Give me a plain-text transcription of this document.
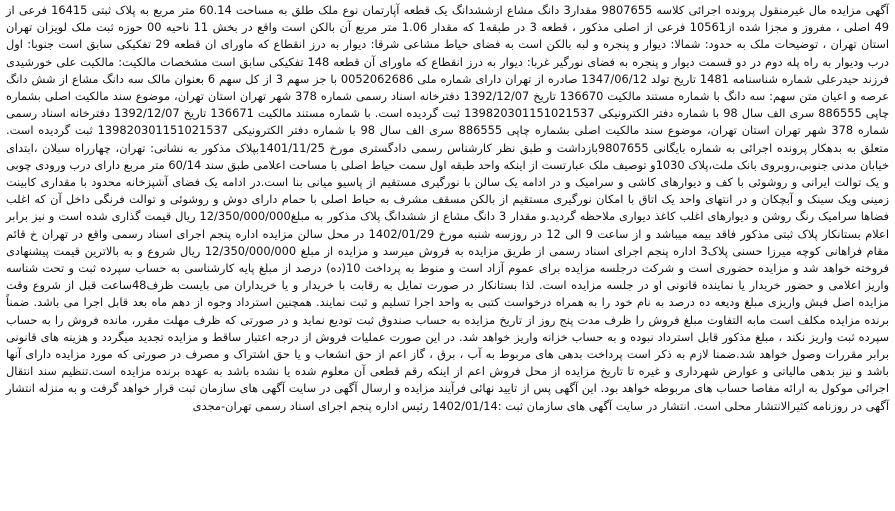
آگهی مزایده مال غیرمنقول پرونده اجرائی کلاسه 9807655 مقدار3 دانگ مشاع ازششدانگ یک قطعه آپارتمان نوع ملک طلق به مساحت 60.14 متر مربع به پلاک ثبتی 16415 فرعی از 49 اصلی ، مفروز و مجزا شده از10561 فرعی از اصلی مذکور ، قطعه 3 در طبقه1 که مقدار 1.06 متر مربع آن بالکن است واقع در بخش 11 ناحیه 00 حوزه ثبت ملک لویزان تهران استان تهران ، توضیحات ملک به حدود: شمالا: دیوار و پنجره و لبه بالکن است به فضای حیاط مشاعی شرقا: دیوار به درز انقطاع که ماورای ان قطعه 29 تفکیکی سابق است جنوبا: اول درب ودیوار به راه پله دوم در دو قسمت دیوار و پنجره به فضای نورگیر غربا: دیوار به درز انقطاع که ماورای آن قطعه 148 تفکیکی سابق است مشخصات مالکیت: مالکیت علی خورشیدی فرزند حیدرعلی شماره شناسنامه 1481 تاریخ تولد 1347/06/12 صادره از تهران دارای شماره ملی 0052062686 با جز سهم 3 از کل سهم 6 بعنوان مالک سه دانگ مشاع از شش دانگ عرصه و اعیان متن سهم: سه دانگ با شماره مستند مالکیت 136670 تاریخ 1392/12/07 دفترخانه اسناد رسمی شماره 378 شهر تهران استان تهران، موضوع سند مالکیت اصلی بشماره چاپی 886555 سری الف سال 98 با شماره دفتر الکترونیکی 139820301151021537 ثبت گردیده است. با شماره مستند مالکیت 136671 تاریخ 1392/12/07 دفترخانه اسناد رسمی شماره 378 شهر تهران استان تهران، موضوع سند مالکیت اصلی بشماره چاپی 886555 سری الف سال 98 با شماره دفتر الکترونیکی 139820301151021537 ثبت گردیده است. متعلق به بدهکار پرونده اجرائی به شماره بایگانی 9807655بازداشت و طبق نظر کارشناس رسمی دادگستری مورخ 1401/11/25بپلاک مذکور به نشانی: تهران، چهارراه سبلان ،ابتدای خیابان مدنی جنوبی،روبروی بانک ملت،پلاک 1030و توصیف ملک عبارتست از اینکه واحد طبقه اول سمت حیاط اصلی با مساحت اعلامی طبق سند 60/14 متر مربع دارای درب ورودی چوبی و یک توالت ایرانی و روشوئی با کف و دیوارهای کاشی و سرامیک و در ادامه یک سالن با نورگیری مستقیم از پاسیو میانی بنا است.در ادامه یک فضای آشپزخانه محدود با مقداری کابینت زمینی ویک سینک و آبچکان و در انتهای واحد یک اتاق با امکان نورگیری مستقیم از بالکن مسقف مشرف به حیاط اصلی با حمام دارای دوش و روشوئی و توالت فرنگی داخل آن که اغلب فضاها سرامیک رنگ روشن و دیوارهای اغلب کاغذ دیواری ملاحظه گردید.و مقدار 3 دانگ مشاع از ششدانگ پلاک مذکور به مبلغ12/350/000/000 ریال قیمت گذاری شده است و نیز برابر اعلام بستانکار پلاک ثبتی مذکور فاقد بیمه میباشد و از ساعت 9 الی 12 در روزسه شنبه مورخ 1402/01/29 در محل سالن مزایده اداره پنجم اجرای اسناد رسمی واقع در تهران خ قائم مقام فراهانی کوچه میرزا حسنی پلاک3 اداره پنجم اجرای اسناد رسمی از طریق مزایده به فروش میرسد و مزایده از مبلغ 12/350/000/000 ریال شروع و به بالاترین قیمت پیشنهادی فروخته خواهد شد و مزایده حضوری است و شرکت درجلسه مزایده برای عموم آزاد است و منوط به پرداخت 10(ده) درصد از مبلغ پایه کارشناسی به حساب سپرده ثبت و تحت شناسه واریز اعلامی و حضور خریدار یا نماینده قانونی او در جلسه مزایده است. لذا بستانکار در صورت تمایل به رقابت با خریدار و یا خریداران می بایست ظرف48ساعت قبل از شروع وقت مزایده اصل فیش واریزی مبلغ ودیعه ده درصد به نام خود را به همراه درخواست کتبی به واحد اجرا تسلیم و ثبت نمایند. همچنین استرداد وجوه از دهم ماه بعد قابل اجرا می باشد. ضمناً برنده مزایده مکلف است مابه التفاوت مبلغ فروش را ظرف مدت پنج روز از تاریخ مزایده به حساب صندوق ثبت تودیع نماید و در صورتی که ظرف مهلت مقرر، مانده فروش را به حساب سپرده ثبت واریز نکند ، مبلغ مذکور قابل استرداد نبوده و به حساب خزانه واریز خواهد شد. در این صورت عملیات فروش از درجه اعتبار ساقط و مزایده تجدید میگردد و هزینه های قانونی برابر مقررات وصول خواهد شد.ضمنا لازم به ذکر است پرداخت بدهی های مربوط به آب ، برق ، گاز اعم از حق انشعاب و یا حق اشتراک و مصرف در صورتی که مورد مزایده دارای آنها باشد و نیز بدهی مالیاتی و عوارض شهرداری و غیره تا تاریخ مزایده از محل فروش اعم از اینکه رقم قطعی آن معلوم شده یا نشده باشد به عهده برنده مزایده است.تنظیم سند انتقال اجرائی موکول به ارائه مفاصا حساب های مربوطه خواهد بود. این آگهی پس از تایید نهائی فرآیند مزایده و ارسال آگهی در سایت آگهی های سازمان ثبت قرار خواهد گرفت و به منزله انتشار آگهی در روزنامه کثیرالانتشار محلی است. انتشار در سایت آگهی های سازمان ثبت :1402/01/14 رئیس اداره پنجم اجرای اسناد رسمی تهران-مجدی
